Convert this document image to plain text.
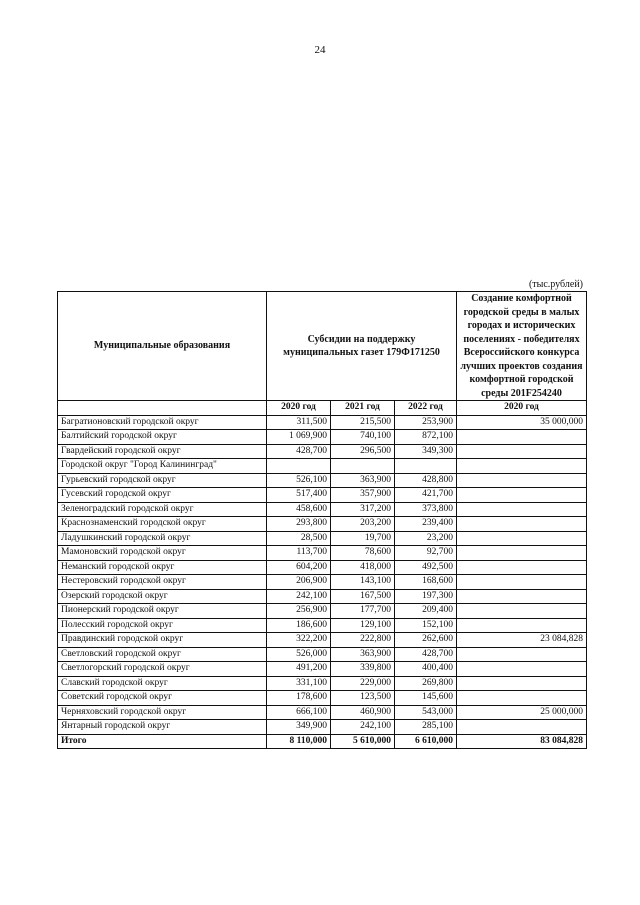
24
(тыс.рублей)
Муниципальные образования	Субсидии на поддержку муниципальных газет 179Ф171250			Создание комфортной городской среды в малых городах и исторических поселениях - победителях Всероссийского конкурса лучших проектов создания комфортной городской среды 201F254240
	2020 год	2021 год	2022 год	2020 год
Багратионовский городской округ	311,500	215,500	253,900	35 000,000
Балтийский городской округ	1 069,900	740,100	872,100	
Гвардейский городской округ	428,700	296,500	349,300	
Городской округ "Город Калининград"				
Гурьевский городской округ	526,100	363,900	428,800	
Гусевский городской округ	517,400	357,900	421,700	
Зеленоградский городской округ	458,600	317,200	373,800	
Краснознаменский городской округ	293,800	203,200	239,400	
Ладушкинский городской округ	28,500	19,700	23,200	
Мамоновский городской округ	113,700	78,600	92,700	
Неманский городской округ	604,200	418,000	492,500	
Нестеровский городской округ	206,900	143,100	168,600	
Озерский городской округ	242,100	167,500	197,300	
Пионерский городской округ	256,900	177,700	209,400	
Полесский городской округ	186,600	129,100	152,100	
Правдинский городской округ	322,200	222,800	262,600	23 084,828
Светловский городской округ	526,000	363,900	428,700	
Светлогорский городской округ	491,200	339,800	400,400	
Славский городской округ	331,100	229,000	269,800	
Советский городской округ	178,600	123,500	145,600	
Черняховский городской округ	666,100	460,900	543,000	25 000,000
Янтарный городской округ	349,900	242,100	285,100	
Итого	8 110,000	5 610,000	6 610,000	83 084,828
